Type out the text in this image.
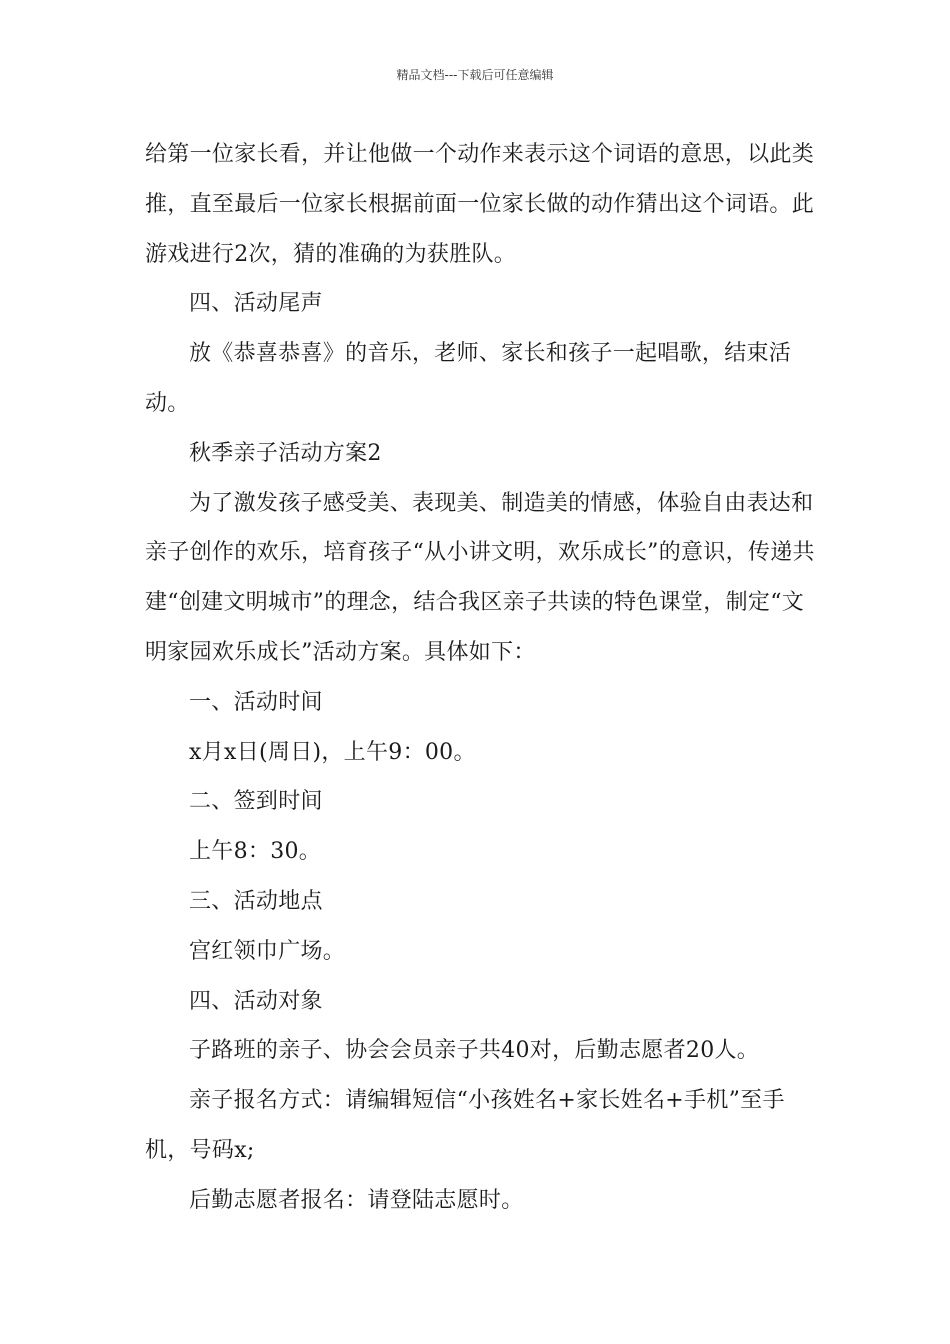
精品文档---下载后可任意编辑

给第一位家长看，并让他做一个动作来表示这个词语的意思，以此类推，直至最后一位家长根据前面一位家长做的动作猜出这个词语。此游戏进行2次，猜的准确的为获胜队。

四、活动尾声

放《恭喜恭喜》的音乐，老师、家长和孩子一起唱歌，结束活动。

秋季亲子活动方案2

为了激发孩子感受美、表现美、制造美的情感，体验自由表达和亲子创作的欢乐，培育孩子“从小讲文明，欢乐成长”的意识，传递共建“创建文明城市”的理念，结合我区亲子共读的特色课堂，制定“文明家园欢乐成长”活动方案。具体如下：

一、活动时间

x月x日(周日)，上午9：00。

二、签到时间

上午8：30。

三、活动地点

宫红领巾广场。

四、活动对象

子路班的亲子、协会会员亲子共40对，后勤志愿者20人。

亲子报名方式：请编辑短信“小孩姓名+家长姓名+手机”至手机，号码x;

后勤志愿者报名：请登陆志愿时。
